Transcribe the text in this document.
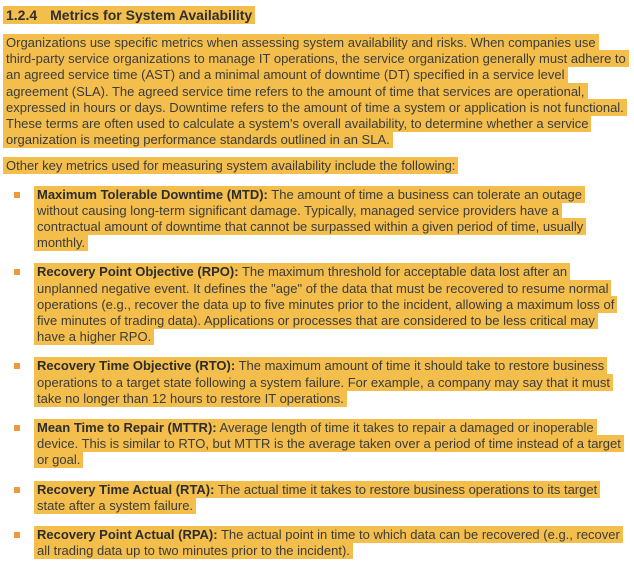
1.2.4 Metrics for System Availability

Organizations use specific metrics when assessing system availability and risks. When companies use third-party service organizations to manage IT operations, the service organization generally must adhere to an agreed service time (AST) and a minimal amount of downtime (DT) specified in a service level agreement (SLA). The agreed service time refers to the amount of time that services are operational, expressed in hours or days. Downtime refers to the amount of time a system or application is not functional. These terms are often used to calculate a system's overall availability, to determine whether a service organization is meeting performance standards outlined in an SLA.

Other key metrics used for measuring system availability include the following:

Maximum Tolerable Downtime (MTD): The amount of time a business can tolerate an outage without causing long-term significant damage. Typically, managed service providers have a contractual amount of downtime that cannot be surpassed within a given period of time, usually monthly.
Recovery Point Objective (RPO): The maximum threshold for acceptable data lost after an unplanned negative event. It defines the "age" of the data that must be recovered to resume normal operations (e.g., recover the data up to five minutes prior to the incident, allowing a maximum loss of five minutes of trading data). Applications or processes that are considered to be less critical may have a higher RPO.
Recovery Time Objective (RTO): The maximum amount of time it should take to restore business operations to a target state following a system failure. For example, a company may say that it must take no longer than 12 hours to restore IT operations.
Mean Time to Repair (MTTR): Average length of time it takes to repair a damaged or inoperable device. This is similar to RTO, but MTTR is the average taken over a period of time instead of a target or goal.
Recovery Time Actual (RTA): The actual time it takes to restore business operations to its target state after a system failure.
Recovery Point Actual (RPA): The actual point in time to which data can be recovered (e.g., recover all trading data up to two minutes prior to the incident).
